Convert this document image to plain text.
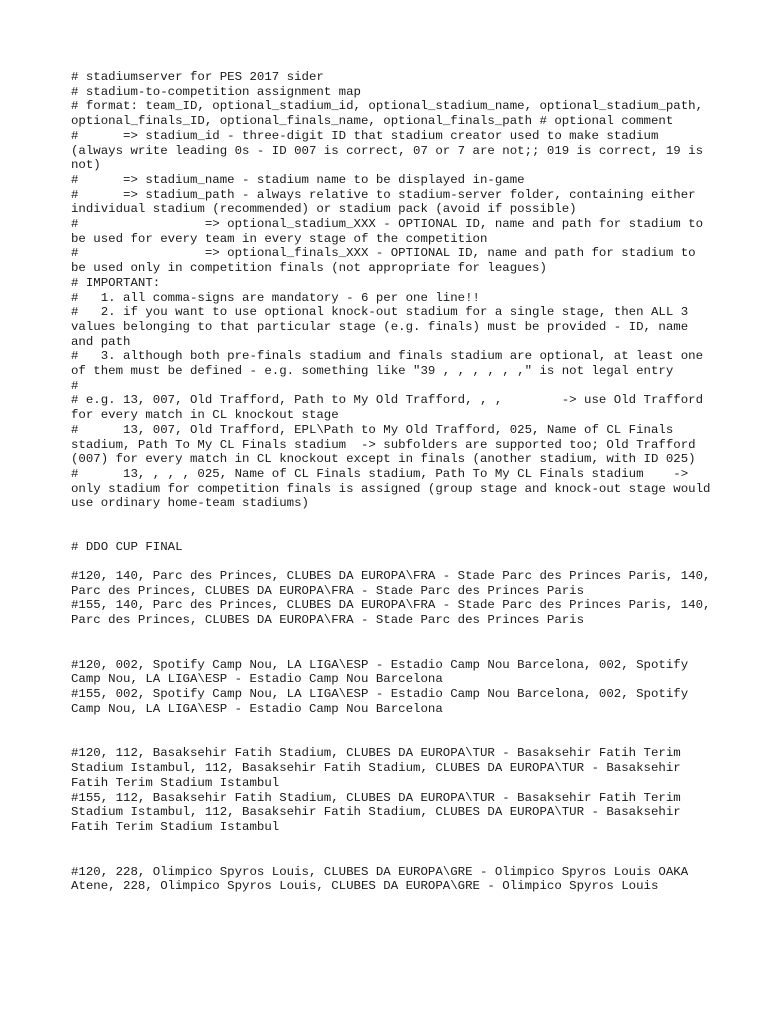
# stadiumserver for PES 2017 sider

# stadium-to-competition assignment map

# format: team_ID, optional_stadium_id, optional_stadium_name, optional_stadium_path, optional_finals_ID, optional_finals_name, optional_finals_path # optional comment

#      => stadium_id - three-digit ID that stadium creator used to make stadium (always write leading 0s - ID 007 is correct, 07 or 7 are not;; 019 is correct, 19 is not)

#      => stadium_name - stadium name to be displayed in-game

#      => stadium_path - always relative to stadium-server folder, containing either individual stadium (recommended) or stadium pack (avoid if possible)

#                 => optional_stadium_XXX - OPTIONAL ID, name and path for stadium to be used for every team in every stage of the competition

#                 => optional_finals_XXX - OPTIONAL ID, name and path for stadium to be used only in competition finals (not appropriate for leagues)

# IMPORTANT:

#   1. all comma-signs are mandatory - 6 per one line!!

#   2. if you want to use optional knock-out stadium for a single stage, then ALL 3 values belonging to that particular stage (e.g. finals) must be provided - ID, name and path

#   3. although both pre-finals stadium and finals stadium are optional, at least one of them must be defined - e.g. something like "39 , , , , , ," is not legal entry

#

# e.g. 13, 007, Old Trafford, Path to My Old Trafford, , ,        -> use Old Trafford for every match in CL knockout stage

#      13, 007, Old Trafford, EPL\Path to My Old Trafford, 025, Name of CL Finals stadium, Path To My CL Finals stadium  -> subfolders are supported too; Old Trafford (007) for every match in CL knockout except in finals (another stadium, with ID 025)

#      13, , , , 025, Name of CL Finals stadium, Path To My CL Finals stadium    -> only stadium for competition finals is assigned (group stage and knock-out stage would use ordinary home-team stadiums)

# DDO CUP FINAL

#120, 140, Parc des Princes, CLUBES DA EUROPA\FRA - Stade Parc des Princes Paris, 140, Parc des Princes, CLUBES DA EUROPA\FRA - Stade Parc des Princes Paris

#155, 140, Parc des Princes, CLUBES DA EUROPA\FRA - Stade Parc des Princes Paris, 140, Parc des Princes, CLUBES DA EUROPA\FRA - Stade Parc des Princes Paris

#120, 002, Spotify Camp Nou, LA LIGA\ESP - Estadio Camp Nou Barcelona, 002, Spotify Camp Nou, LA LIGA\ESP - Estadio Camp Nou Barcelona

#155, 002, Spotify Camp Nou, LA LIGA\ESP - Estadio Camp Nou Barcelona, 002, Spotify Camp Nou, LA LIGA\ESP - Estadio Camp Nou Barcelona

#120, 112, Basaksehir Fatih Stadium, CLUBES DA EUROPA\TUR - Basaksehir Fatih Terim Stadium Istambul, 112, Basaksehir Fatih Stadium, CLUBES DA EUROPA\TUR - Basaksehir Fatih Terim Stadium Istambul

#155, 112, Basaksehir Fatih Stadium, CLUBES DA EUROPA\TUR - Basaksehir Fatih Terim Stadium Istambul, 112, Basaksehir Fatih Stadium, CLUBES DA EUROPA\TUR - Basaksehir Fatih Terim Stadium Istambul

#120, 228, Olimpico Spyros Louis, CLUBES DA EUROPA\GRE - Olimpico Spyros Louis OAKA Atene, 228, Olimpico Spyros Louis, CLUBES DA EUROPA\GRE - Olimpico Spyros Louis
